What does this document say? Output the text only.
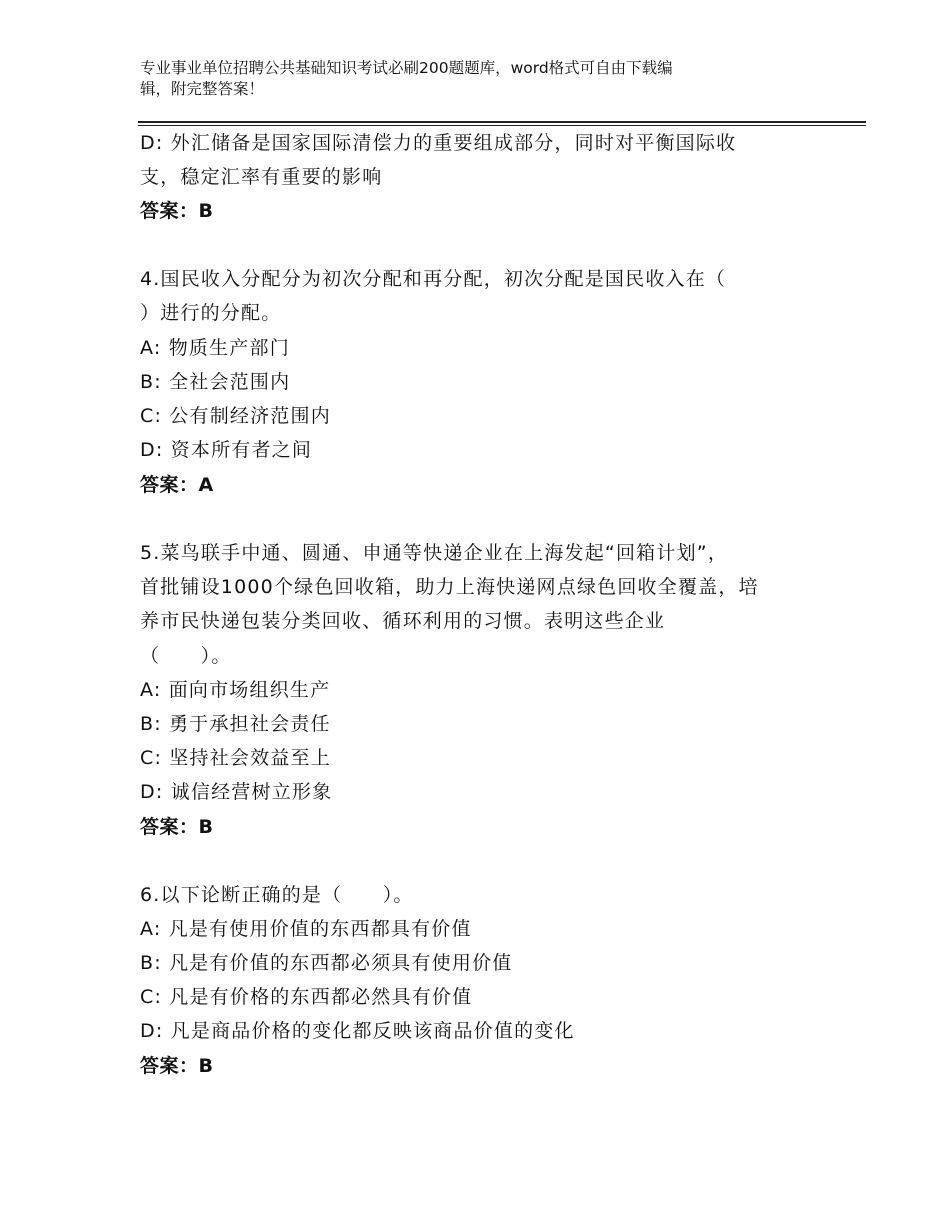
专业事业单位招聘公共基础知识考试必刷200题题库，word格式可自由下载编
辑，附完整答案！
D: 外汇储备是国家国际清偿力的重要组成部分，同时对平衡国际收
支，稳定汇率有重要的影响
答案：B
4.国民收入分配分为初次分配和再分配，初次分配是国民收入在（
）进行的分配。
A: 物质生产部门
B: 全社会范围内
C: 公有制经济范围内
D: 资本所有者之间
答案：A
5.菜鸟联手中通、圆通、申通等快递企业在上海发起“回箱计划”，
首批铺设1000个绿色回收箱，助力上海快递网点绿色回收全覆盖，培
养市民快递包装分类回收、循环利用的习惯。表明这些企业
（　　）。
A: 面向市场组织生产
B: 勇于承担社会责任
C: 坚持社会效益至上
D: 诚信经营树立形象
答案：B
6.以下论断正确的是（　　）。
A: 凡是有使用价值的东西都具有价值
B: 凡是有价值的东西都必须具有使用价值
C: 凡是有价格的东西都必然具有价值
D: 凡是商品价格的变化都反映该商品价值的变化
答案：B
